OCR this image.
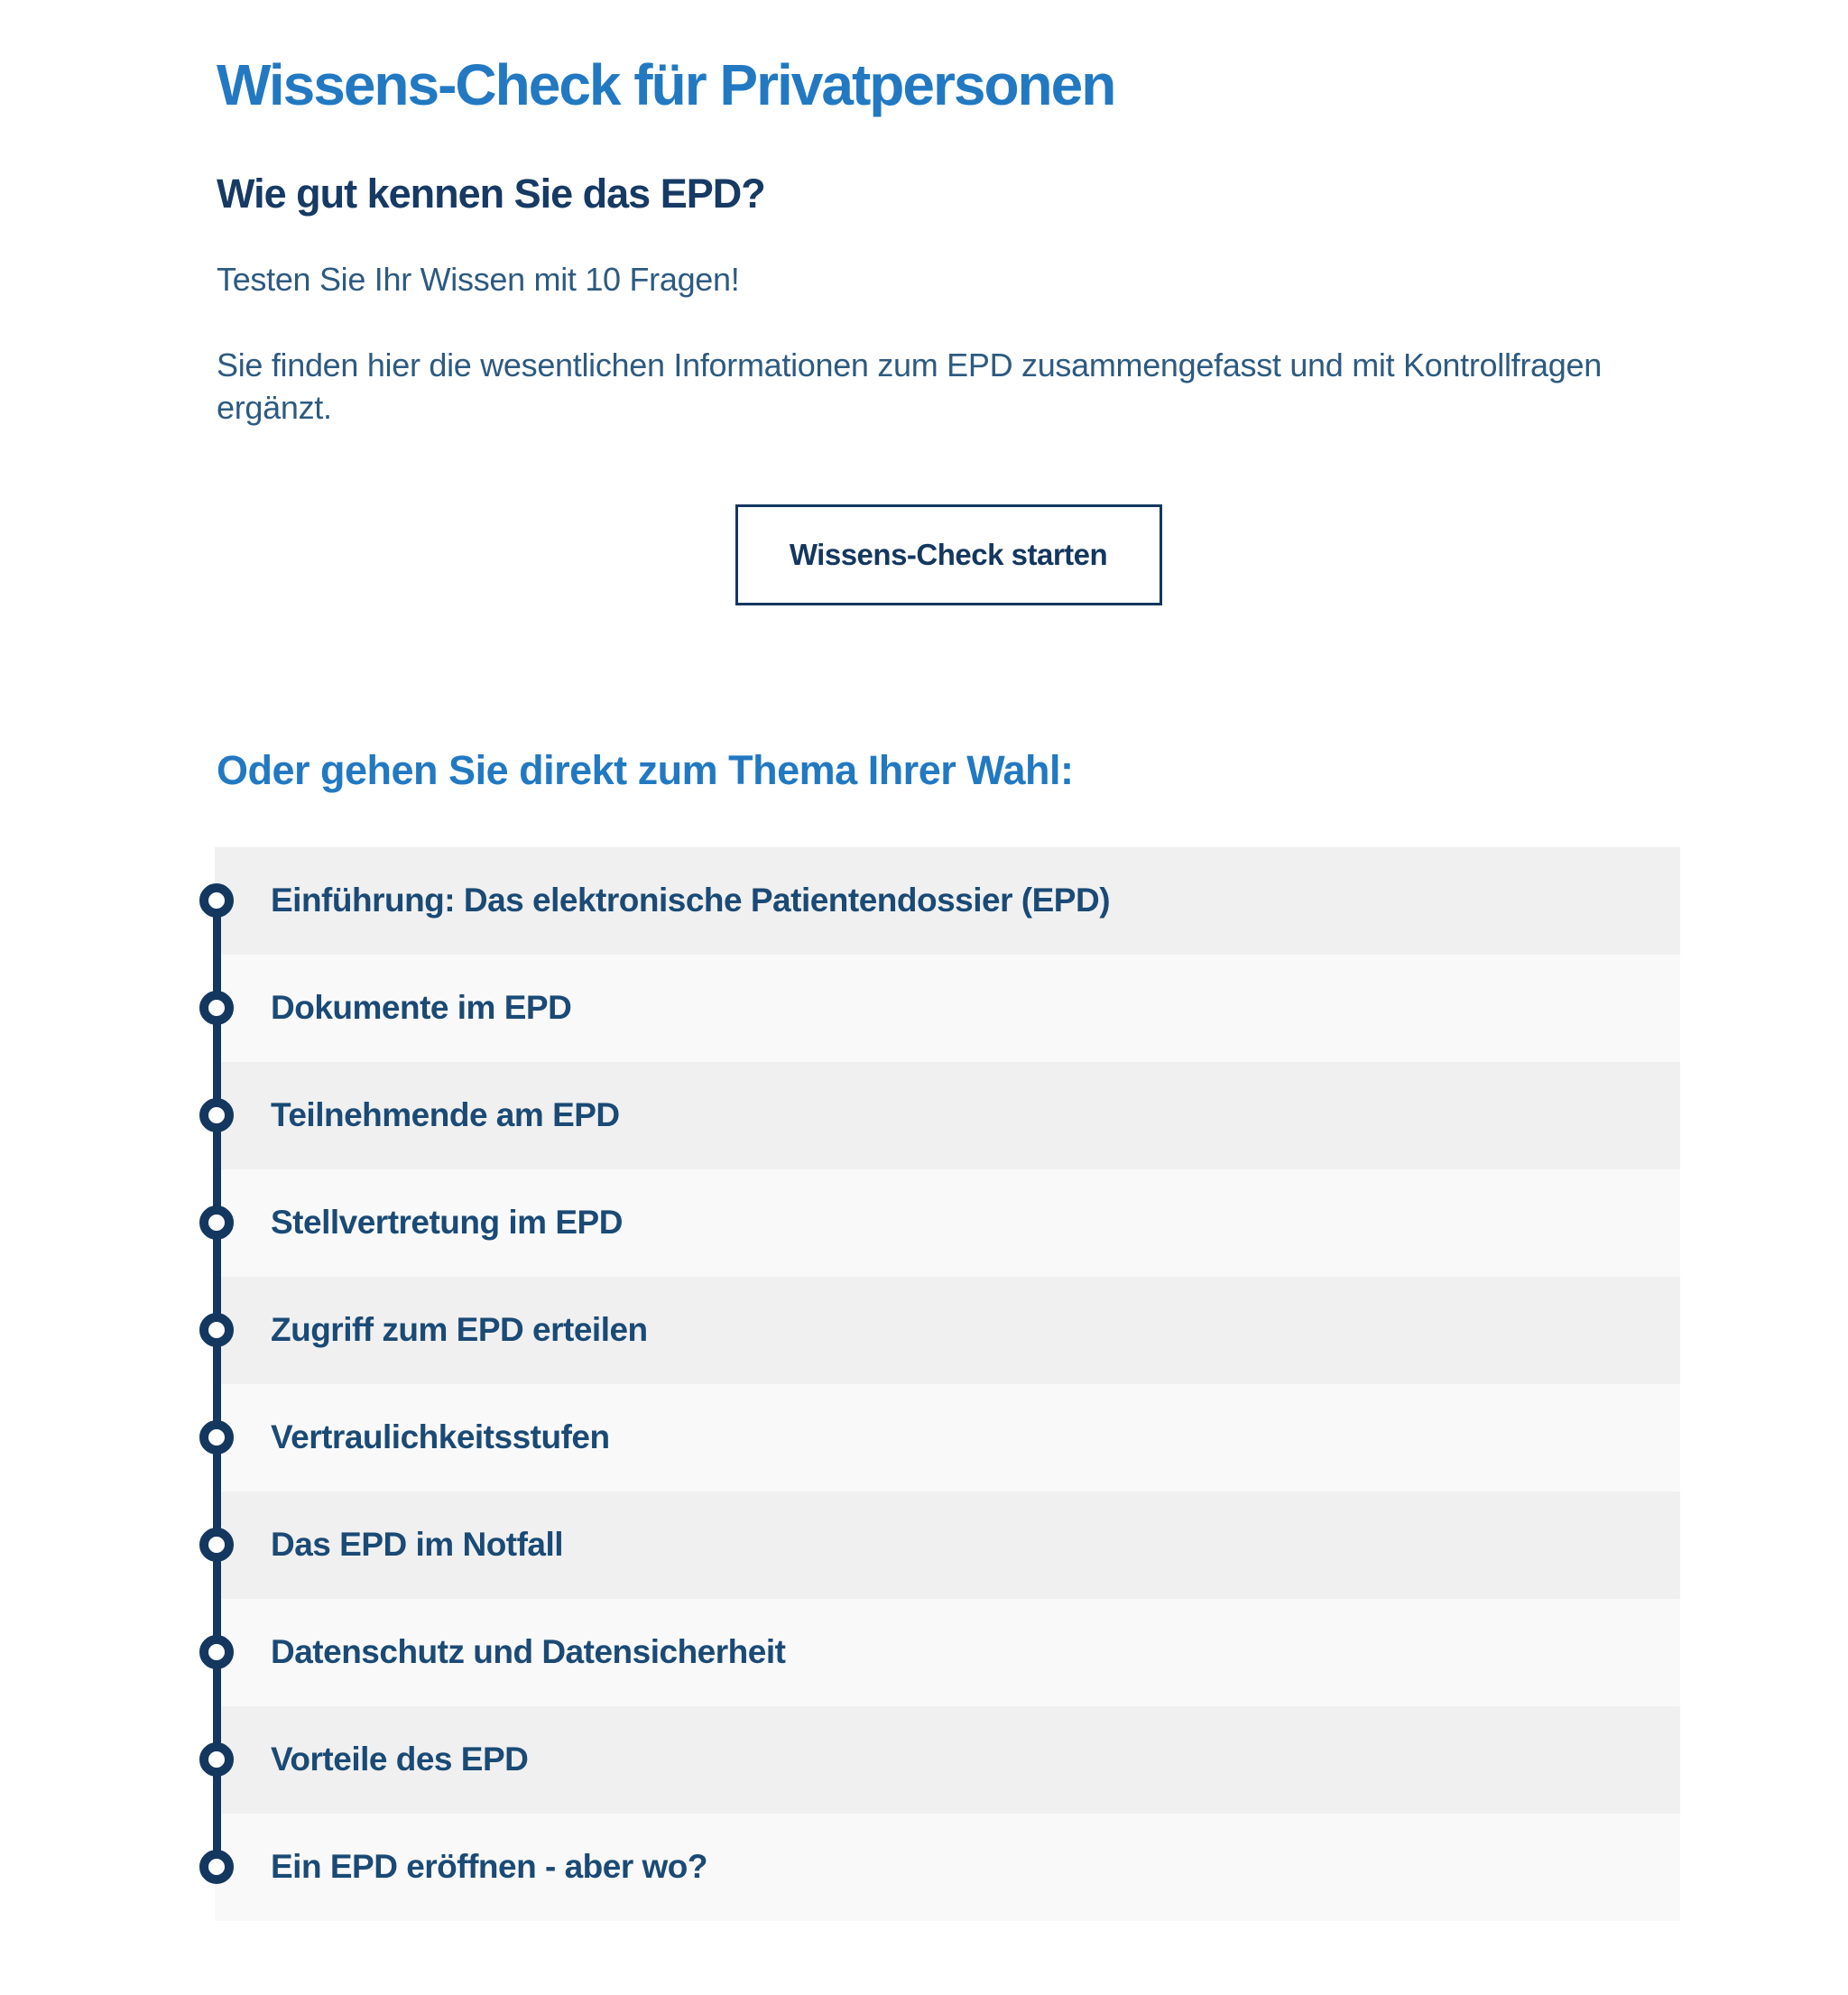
Wissens-Check für Privatpersonen
Wie gut kennen Sie das EPD?

Testen Sie Ihr Wissen mit 10 Fragen!

Sie finden hier die wesentlichen Informationen zum EPD zusammengefasst und mit Kontrollfragen ergänzt.

Wissens-Check starten
Oder gehen Sie direkt zum Thema Ihrer Wahl:
Einführung: Das elektronische Patientendossier (EPD)
Dokumente im EPD
Teilnehmende am EPD
Stellvertretung im EPD
Zugriff zum EPD erteilen
Vertraulichkeitsstufen
Das EPD im Notfall
Datenschutz und Datensicherheit
Vorteile des EPD
Ein EPD eröffnen - aber wo?
